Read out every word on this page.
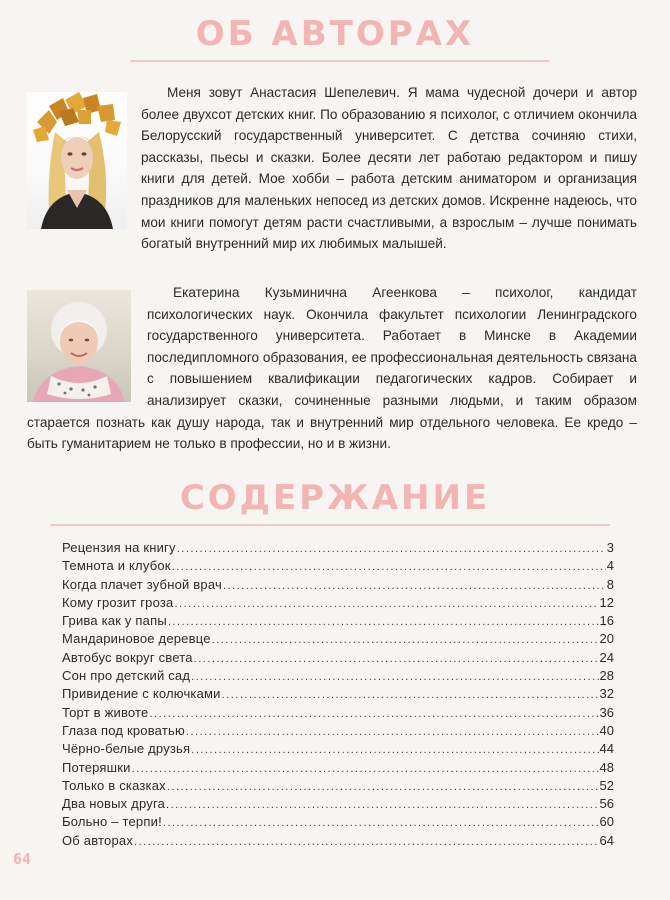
ОБ АВТОРАХ

Меня зовут Анастасия Шепелевич. Я мама чудесной дочери и автор более двухсот детских книг. По образованию я психолог, с отличием окончила Белорусский государственный университет. С детства сочиняю стихи, рассказы, пьесы и сказки. Более десяти лет работаю редактором и пишу книги для детей. Мое хобби – работа детским аниматором и организация праздников для маленьких непосед из детских домов. Искренне надеюсь, что мои книги помогут детям расти счастливыми, а взрослым – лучше понимать богатый внутренний мир их любимых малышей.

Екатерина Кузьминична Агеенкова – психолог, кандидат психологических наук. Окончила факультет психологии Ленинградского государственного университета. Работает в Минске в Академии последипломного образования, ее профессиональная деятельность связана с повышением квалификации педагогических кадров. Собирает и анализирует сказки, сочиненные разными людьми, и таким образом старается познать как душу народа, так и внутренний мир отдельного человека. Ее кредо – быть гуманитарием не только в профессии, но и в жизни.

СОДЕРЖАНИЕ
Рецензия на книгу .....	3
Темнота и клубок .....	4
Когда плачет зубной врач .....	8
Кому грозит гроза .....	12
Грива как у папы .....	16
Мандариновое деревце .....	20
Автобус вокруг света .....	24
Сон про детский сад .....	28
Привидение с колючками .....	32
Торт в животе .....	36
Глаза под кроватью .....	40
Чёрно-белые друзья .....	44
Потеряшки .....	48
Только в сказках .....	52
Два новых друга .....	56
Больно – терпи! .....	60
Об авторах .....	64
64
